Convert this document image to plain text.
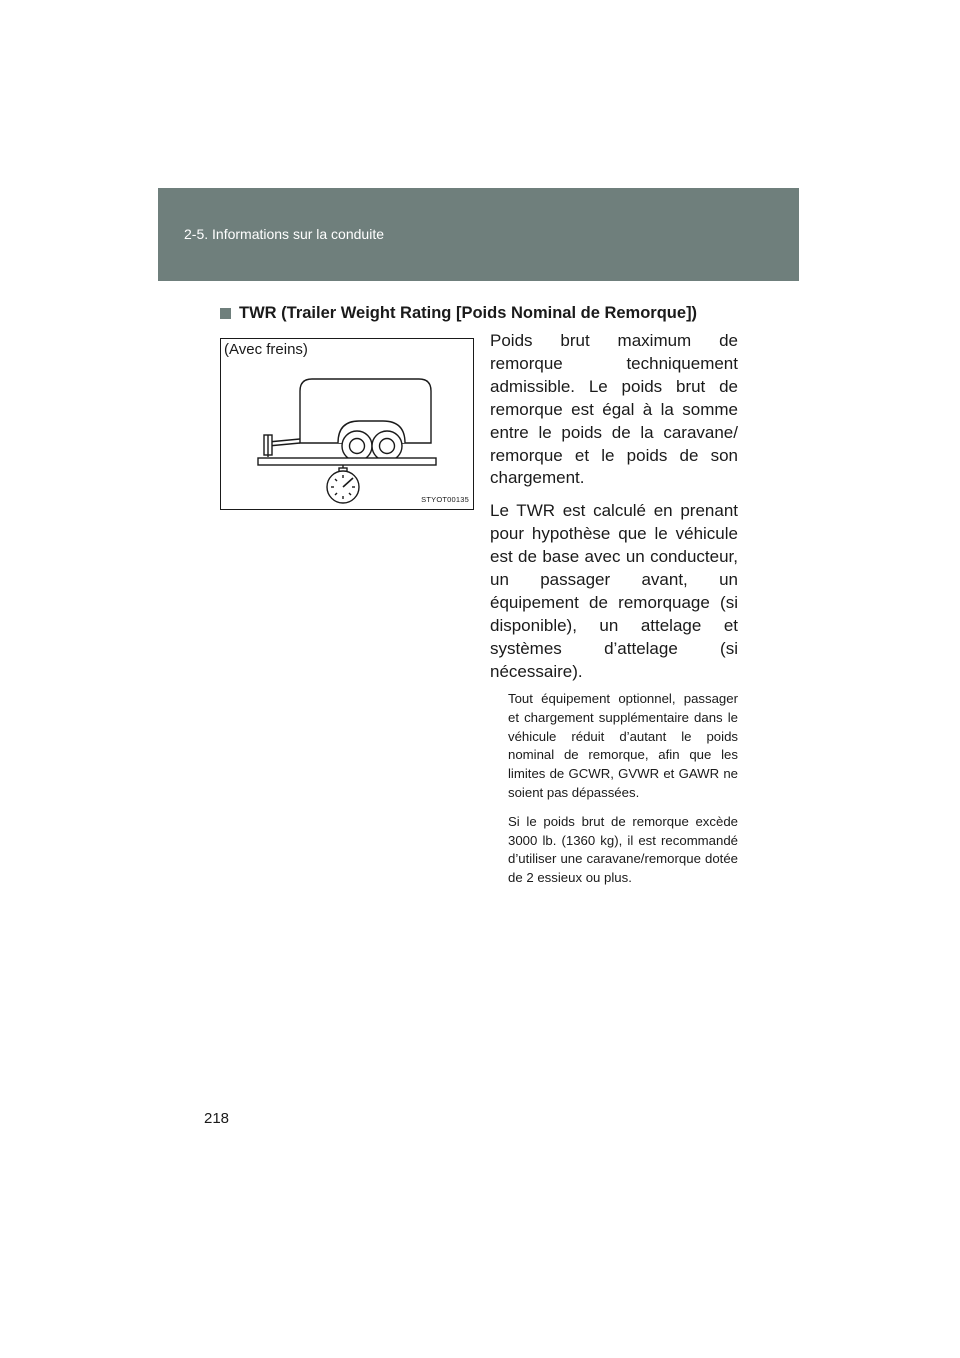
2-5. Informations sur la conduite
TWR (Trailer Weight Rating [Poids Nominal de Remorque])
(Avec freins)
STYOT00135

Poids brut maximum de remorque techniquement admissible. Le poids brut de remorque est égal à la somme entre le poids de la caravane/ remorque et le poids de son chargement.

Le TWR est calculé en prenant pour hypothèse que le véhicule est de base avec un conducteur, un passager avant, un équipement de remorquage (si disponible), un attelage et systèmes d’attelage (si nécessaire).

Tout équipement optionnel, passager et chargement supplémentaire dans le véhicule réduit d’autant le poids nominal de remorque, afin que les limites de GCWR, GVWR et GAWR ne soient pas dépassées.

Si le poids brut de remorque excède 3000 lb. (1360 kg), il est recommandé d’utiliser une caravane/remorque dotée de 2 essieux ou plus.

218
